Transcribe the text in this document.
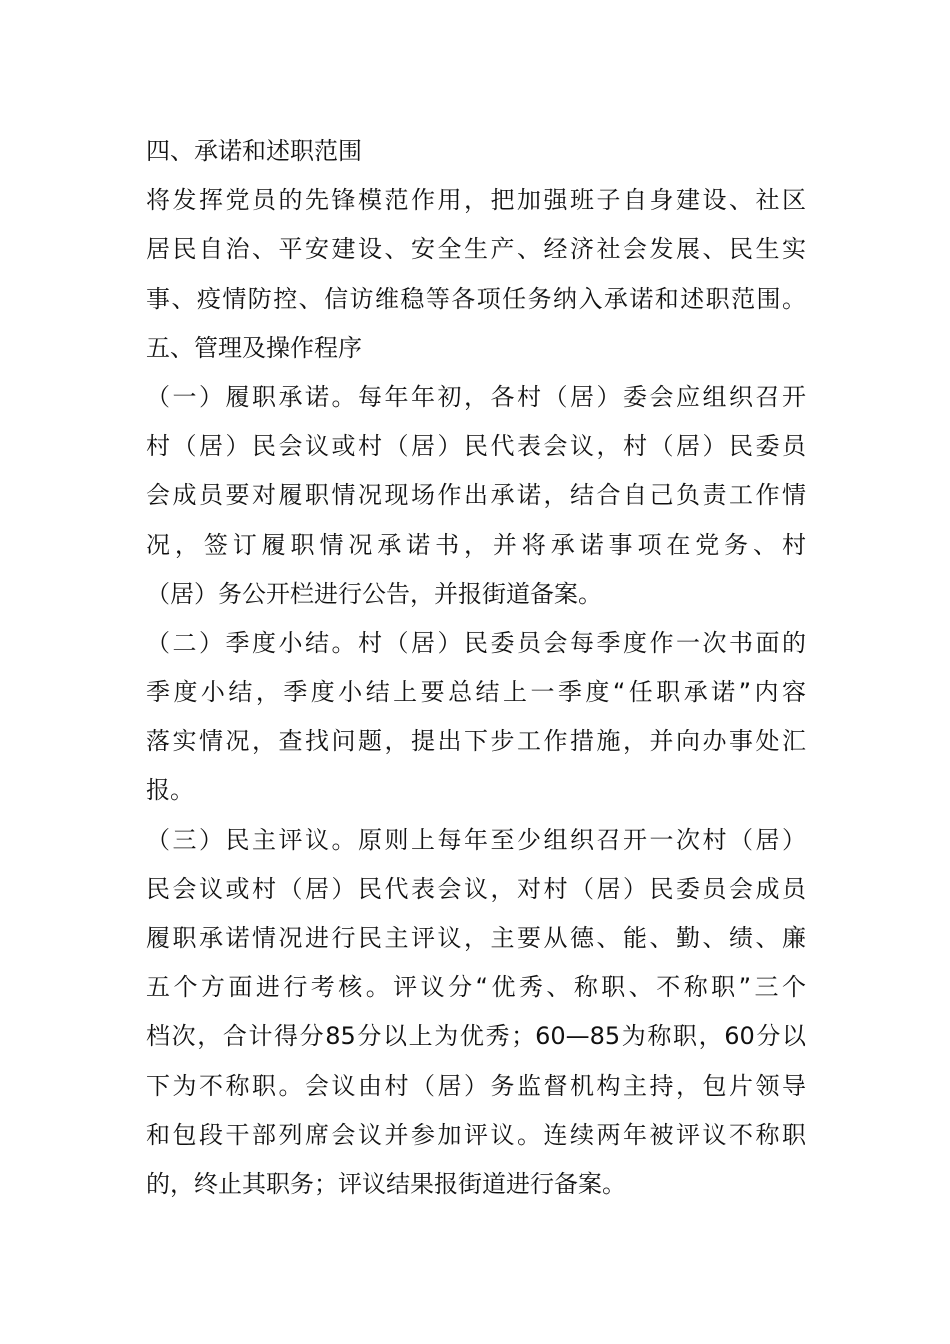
四、承诺和述职范围
将发挥党员的先锋模范作用，把加强班子自身建设、社区
居民自治、平安建设、安全生产、经济社会发展、民生实
事、疫情防控、信访维稳等各项任务纳入承诺和述职范围。
五、管理及操作程序
（一）履职承诺。每年年初，各村（居）委会应组织召开
村（居）民会议或村（居）民代表会议，村（居）民委员
会成员要对履职情况现场作出承诺，结合自己负责工作情
况，签订履职情况承诺书，并将承诺事项在党务、村
（居）务公开栏进行公告，并报街道备案。
（二）季度小结。村（居）民委员会每季度作一次书面的
季度小结，季度小结上要总结上一季度“任职承诺”内容
落实情况，查找问题，提出下步工作措施，并向办事处汇
报。
（三）民主评议。原则上每年至少组织召开一次村（居）
民会议或村（居）民代表会议，对村（居）民委员会成员
履职承诺情况进行民主评议，主要从德、能、勤、绩、廉
五个方面进行考核。评议分“优秀、称职、不称职”三个
档次，合计得分85分以上为优秀；60—85为称职，60分以
下为不称职。会议由村（居）务监督机构主持，包片领导
和包段干部列席会议并参加评议。连续两年被评议不称职
的，终止其职务；评议结果报街道进行备案。
